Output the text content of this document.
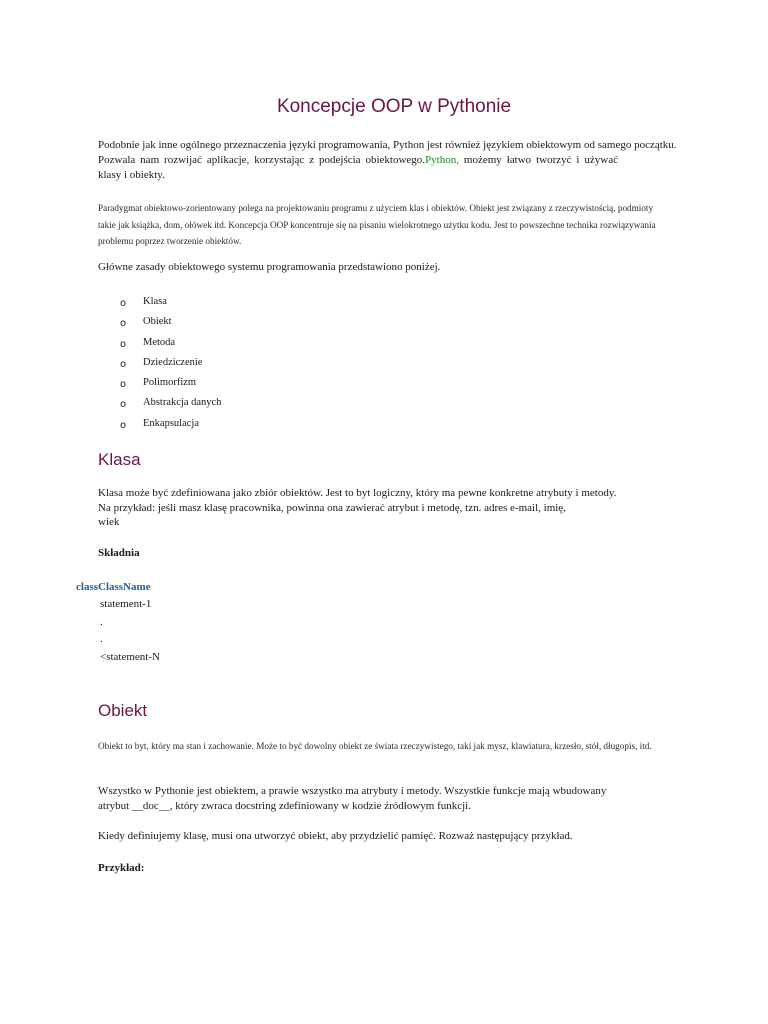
Koncepcje OOP w Pythonie

Podobnie jak inne ogólnego przeznaczenia języki programowania, Python jest również językiem obiektowym od samego początku.
Pozwala nam rozwijać aplikacje, korzystając z podejścia obiektowego.Python, możemy łatwo tworzyć i używać
klasy i obiekty.

Paradygmat obiektowo-zorientowany polega na projektowaniu programu z użyciem klas i obiektów. Obiekt jest związany z rzeczywistością, podmioty takie jak książka, dom, ołówek itd. Koncepcja OOP koncentruje się na pisaniu wielokrotnego użytku kodu. Jest to powszechne technika rozwiązywania problemu poprzez tworzenie obiektów.

Główne zasady obiektowego systemu programowania przedstawiono poniżej.

o Klasa
o Obiekt
o Metoda
o Dziedziczenie
o Polimorfizm
o Abstrakcja danych
o Enkapsulacja
Klasa

Klasa może być zdefiniowana jako zbiór obiektów. Jest to byt logiczny, który ma pewne konkretne atrybuty i metody.
Na przykład: jeśli masz klasę pracownika, powinna ona zawierać atrybut i metodę, tzn. adres e-mail, imię,
wiek

Składnia

classClassName

statement-1

.

.

<statement-N

Obiekt

Obiekt to byt, który ma stan i zachowanie. Może to być dowolny obiekt ze świata rzeczywistego, taki jak mysz, klawiatura, krzesło, stół, długopis, itd.

Wszystko w Pythonie jest obiektem, a prawie wszystko ma atrybuty i metody. Wszystkie funkcje mają wbudowany
atrybut __doc__, który zwraca docstring zdefiniowany w kodzie źródłowym funkcji.

Kiedy definiujemy klasę, musi ona utworzyć obiekt, aby przydzielić pamięć. Rozważ następujący przykład.

Przykład:
